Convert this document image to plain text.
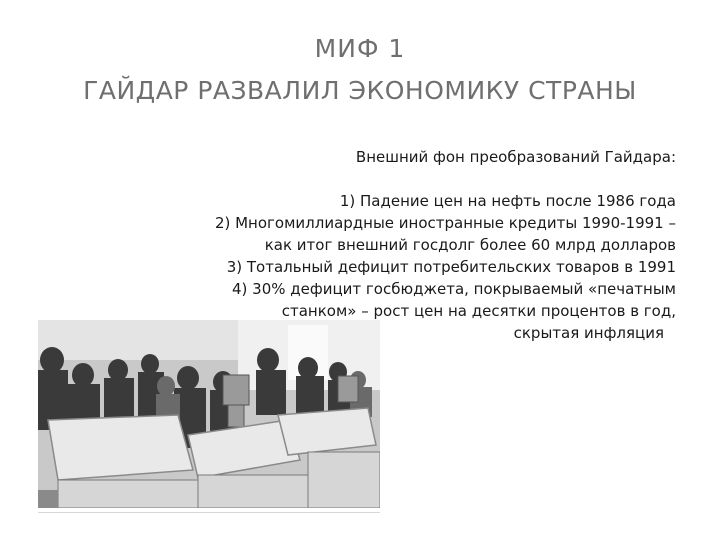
МИФ 1
ГАЙДАР РАЗВАЛИЛ ЭКОНОМИКУ СТРАНЫ

Внешний фон преобразований Гайдара:

1) Падение цен на нефть после 1986 года

2) Многомиллиардные иностранные кредиты 1990-1991 –

как итог внешний госдолг более 60 млрд долларов

3) Тотальный дефицит потребительских товаров в 1991

4) 30% дефицит госбюджета, покрываемый «печатным

станком» – рост цен на десятки процентов в год,

скрытая инфляция
